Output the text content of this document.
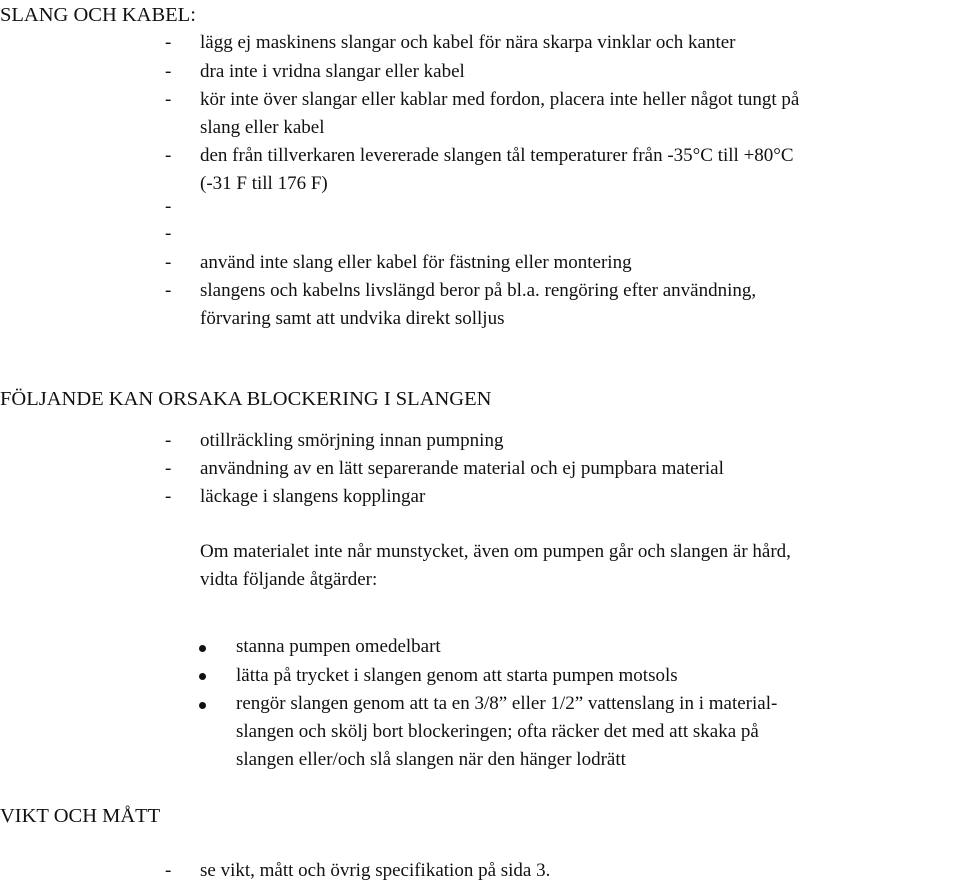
SLANG OCH KABEL:
- lägg ej maskinens slangar och kabel för nära skarpa vinklar och kanter
- dra inte i vridna slangar eller kabel
- kör inte över slangar eller kablar med fordon, placera inte heller något tungt på
slang eller kabel
- den från tillverkaren levererade slangen tål temperaturer från -35°C till +80°C
(-31 F till 176 F)
-
-
- använd inte slang eller kabel för fästning eller montering
- slangens och kabelns livslängd beror på bl.a. rengöring efter användning,
förvaring samt att undvika direkt solljus
FÖLJANDE KAN ORSAKA BLOCKERING I SLANGEN
- otillräckling smörjning innan pumpning
- användning av en lätt separerande material och ej pumpbara material
- läckage i slangens kopplingar
Om materialet inte når munstycket, även om pumpen går och slangen är hård,
vidta följande åtgärder:
stanna pumpen omedelbart
lätta på trycket i slangen genom att starta pumpen motsols
rengör slangen genom att ta en 3/8” eller 1/2” vattenslang in i material-
slangen och skölj bort blockeringen; ofta räcker det med att skaka på
slangen eller/och slå slangen när den hänger lodrätt
VIKT OCH MÅTT
- se vikt, mått och övrig specifikation på sida 3.
